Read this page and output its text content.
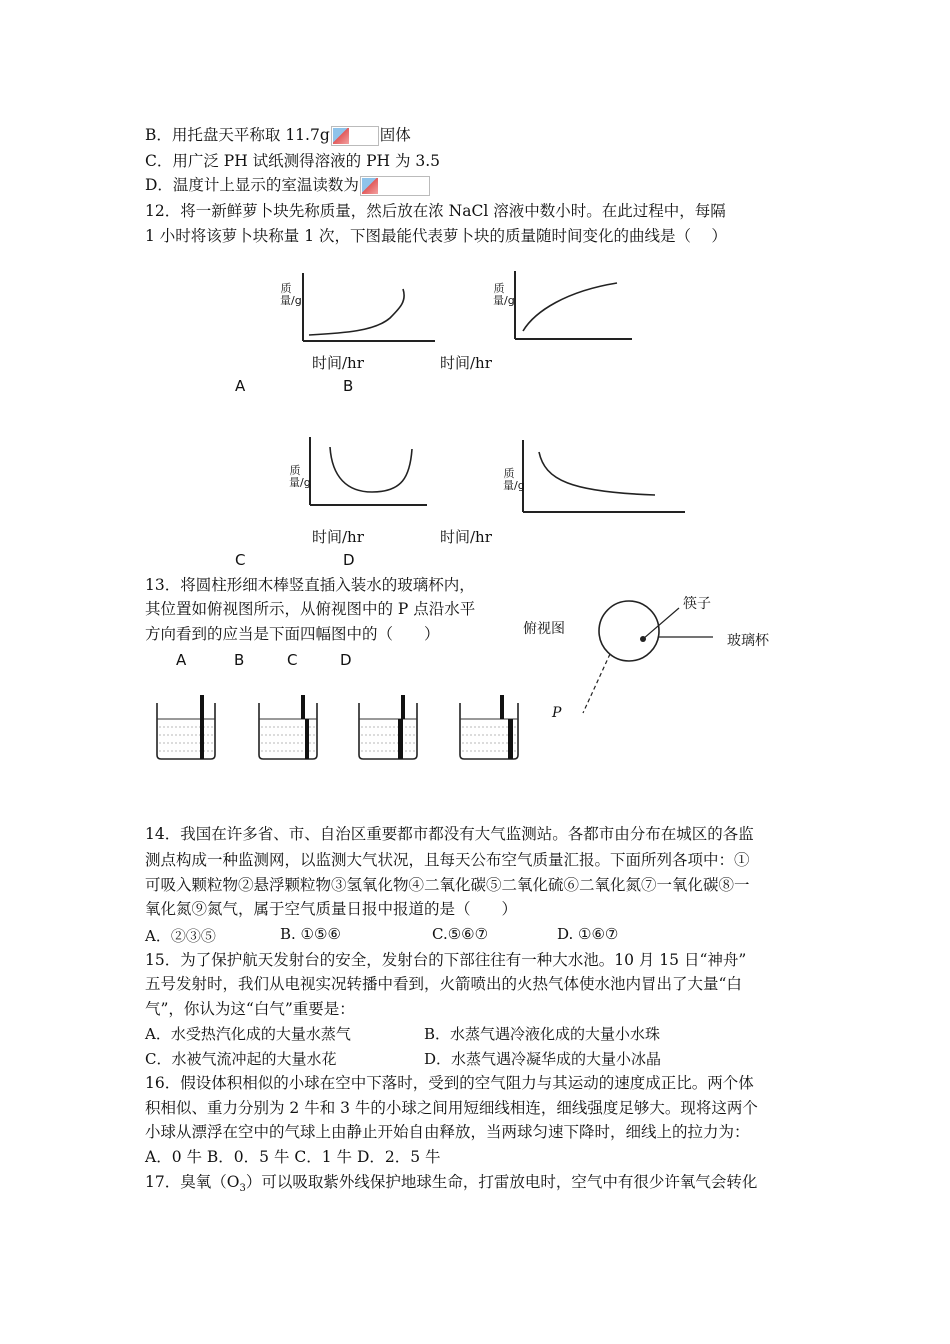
B．用托盘天平称取 11.7g	固体
C．用广泛 PH 试纸测得溶液的 PH 为 3.5
D．温度计上显示的室温读数为
12．将一新鲜萝卜块先称质量，然后放在浓 NaCl 溶液中数小时。在此过程中，每隔
1 小时将该萝卜块称量 1 次，下图最能代表萝卜块的质量随时间变化的曲线是（　 ）
质量/g
时间/hr
质量/g
时间/hr
A	B
质量/g
时间/hr
质量/g
时间/hr
C	D
13．将圆柱形细木棒竖直插入装水的玻璃杯内，
其位置如俯视图所示，从俯视图中的 P 点沿水平
方向看到的应当是下面四幅图中的（　　）
A	B	C	D
俯视图
筷子
玻璃杯
P
14．我国在许多省、市、自治区重要都市都没有大气监测站。各都市由分布在城区的各监
测点构成一种监测网，以监测大气状况，且每天公布空气质量汇报。下面所列各项中：①
可吸入颗粒物②悬浮颗粒物③氢氧化物④二氧化碳⑤二氧化硫⑥二氧化氮⑦一氧化碳⑧一
氧化氮⑨氮气，属于空气质量日报中报道的是（　　）
A．②③⑤	B. ①⑤⑥	C.⑤⑥⑦	D. ①⑥⑦
15．为了保护航天发射台的安全，发射台的下部往往有一种大水池。10 月 15 日“神舟”
五号发射时，我们从电视实况转播中看到，火箭喷出的火热气体使水池内冒出了大量“白
气”，你认为这“白气”重要是：
A．水受热汽化成的大量水蒸气	B．水蒸气遇冷液化成的大量小水珠
C．水被气流冲起的大量水花	D．水蒸气遇冷凝华成的大量小冰晶
16．假设体积相似的小球在空中下落时，受到的空气阻力与其运动的速度成正比。两个体
积相似、重力分别为 2 牛和 3 牛的小球之间用短细线相连，细线强度足够大。现将这两个
小球从漂浮在空中的气球上由静止开始自由释放，当两球匀速下降时，细线上的拉力为：
A．0 牛 B．0．5 牛 C．1 牛 D．2．5 牛
17．臭氧$(O_3)$可以吸取紫外线保护地球生命，打雷放电时，空气中有很少许氧气会转化
